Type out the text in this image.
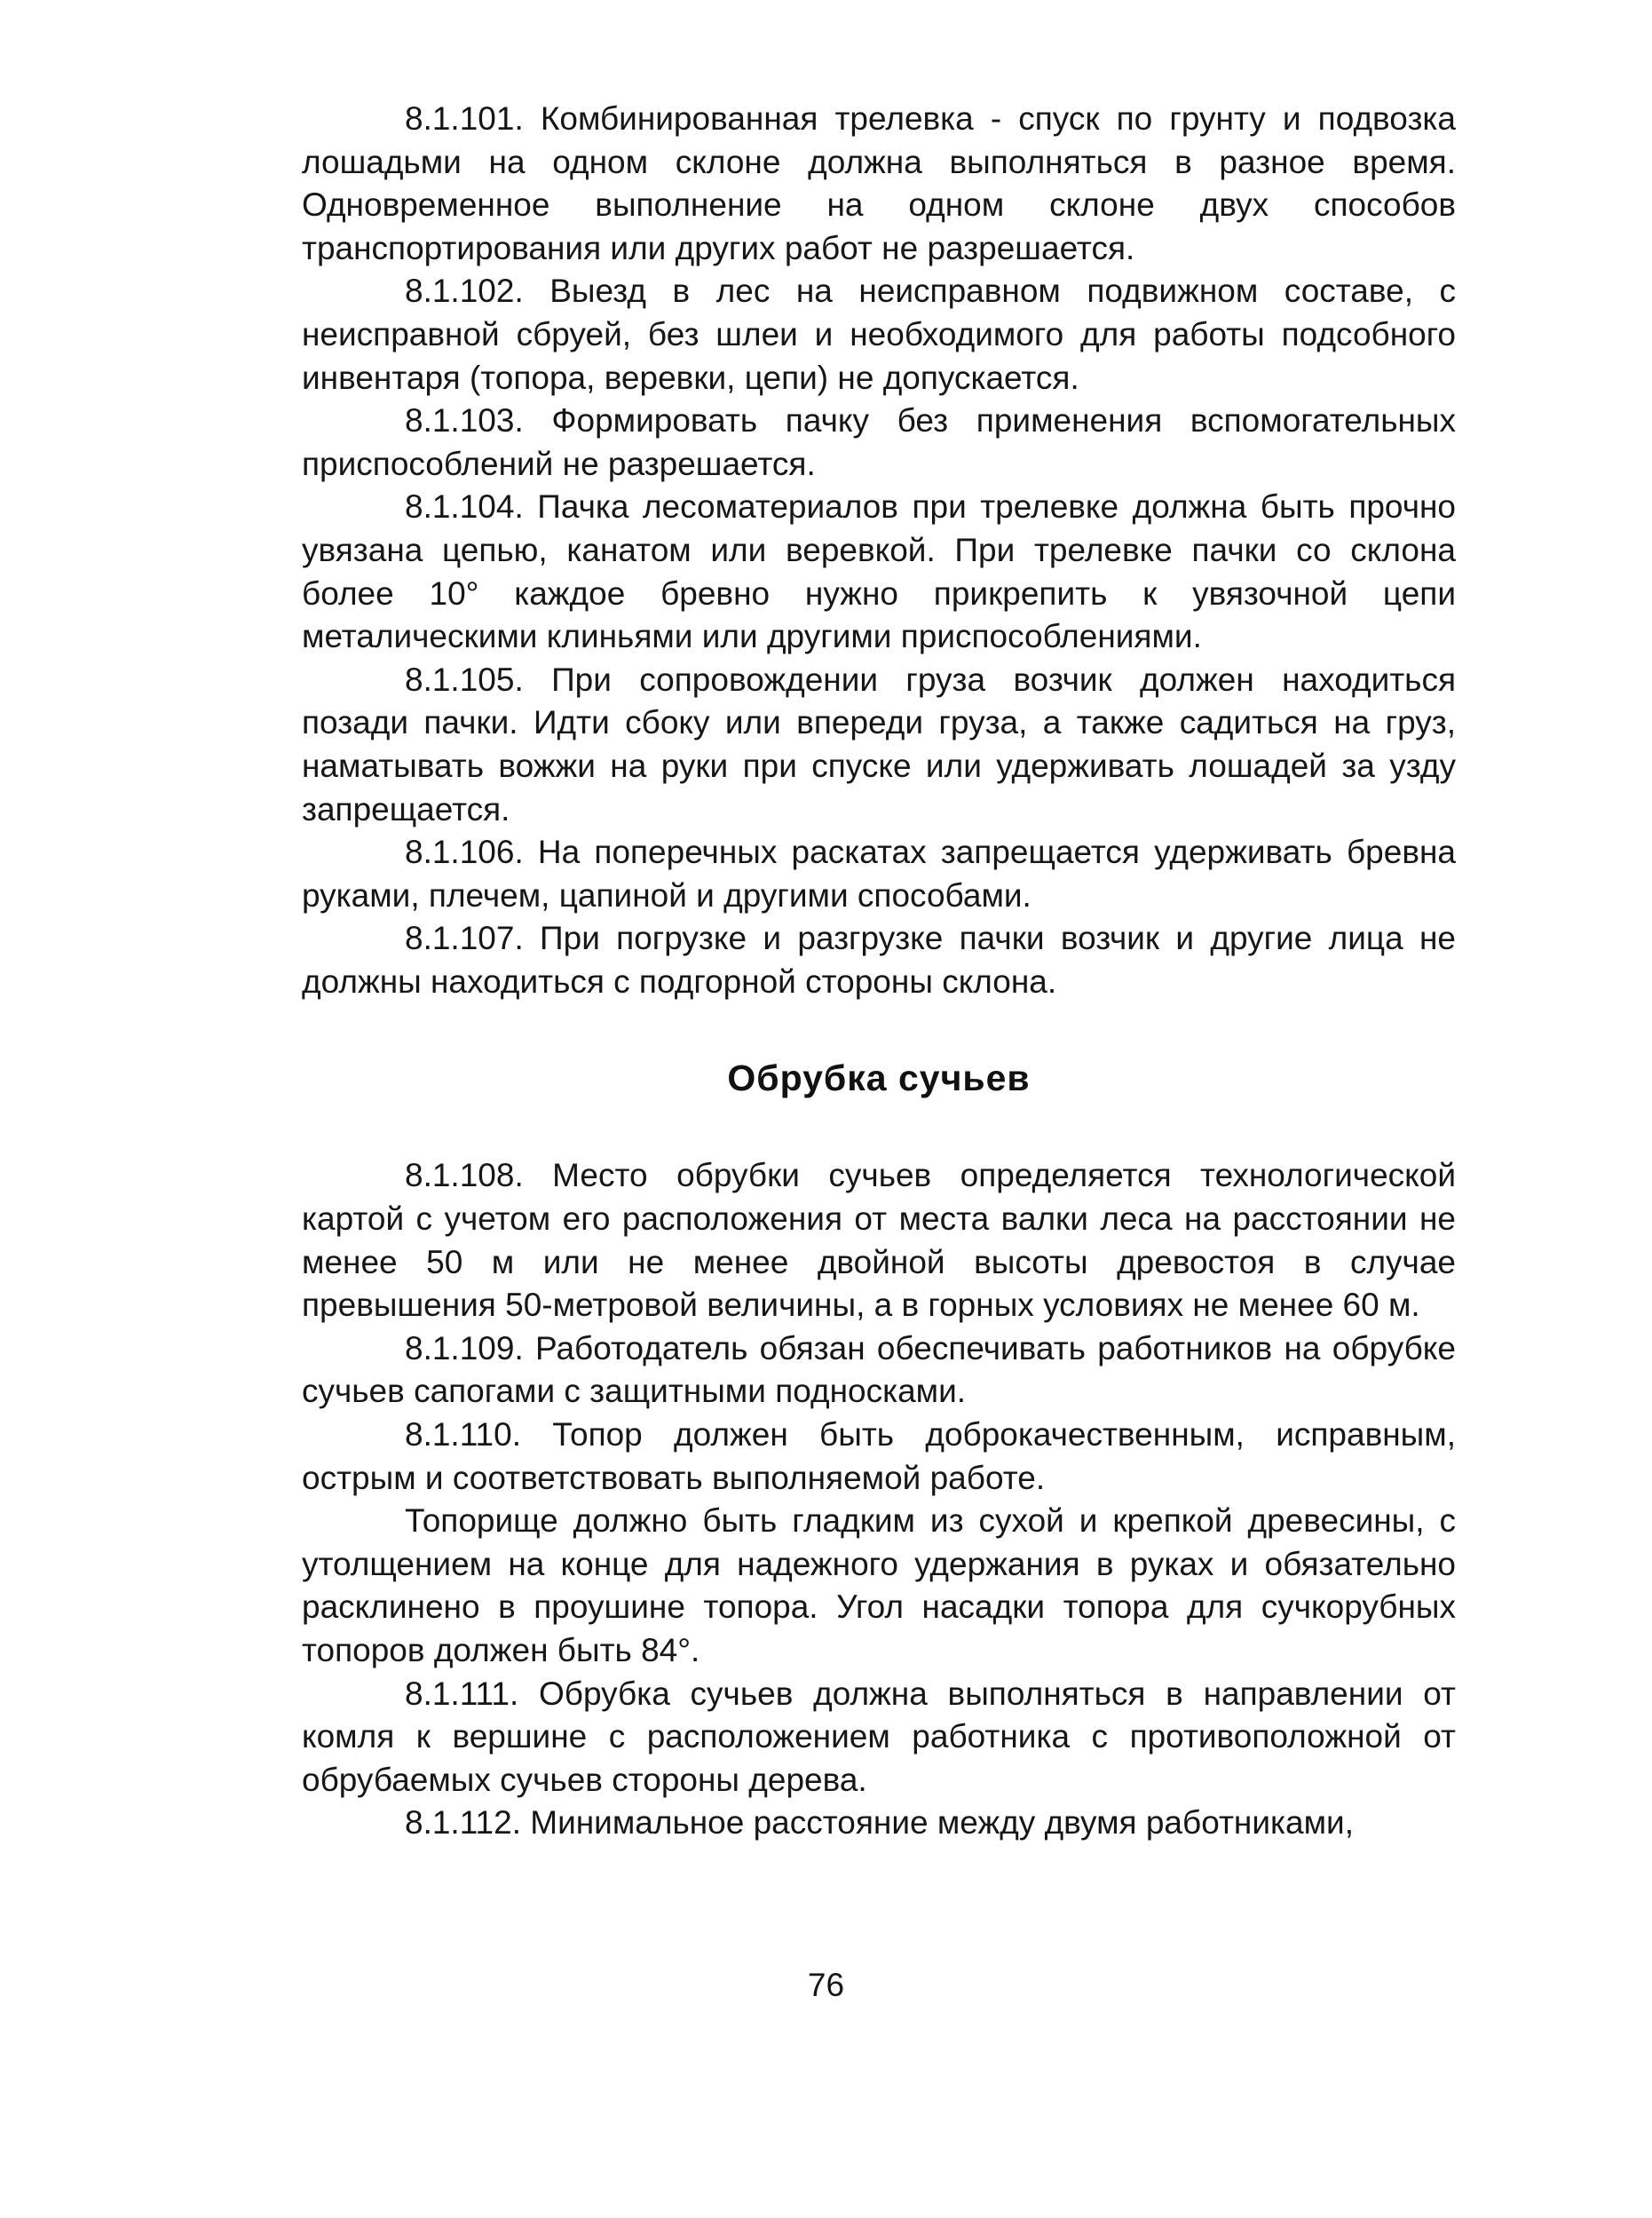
8.1.101. Комбинированная трелевка - спуск по грунту и подвозка лошадьми на одном склоне должна выполняться в разное время. Одновременное выполнение на одном склоне двух способов транспортирования или других работ не разрешается.

8.1.102. Выезд в лес на неисправном подвижном составе, с неисправной сбруей, без шлеи и необходимого для работы подсобного инвентаря (топора, веревки, цепи) не допускается.

8.1.103. Формировать пачку без применения вспомогательных приспособлений не разрешается.

8.1.104. Пачка лесоматериалов при трелевке должна быть прочно увязана цепью, канатом или веревкой. При трелевке пачки со склона более 10° каждое бревно нужно прикрепить к увязочной цепи металическими клиньями или другими приспособлениями.

8.1.105. При сопровождении груза возчик должен находиться позади пачки. Идти сбоку или впереди груза, а также садиться на груз, наматывать вожжи на руки при спуске или удерживать лошадей за узду запрещается.

8.1.106. На поперечных раскатах запрещается удерживать бревна руками, плечем, цапиной и другими способами.

8.1.107. При погрузке и разгрузке пачки возчик и другие лица не должны находиться с подгорной стороны склона.

Обрубка сучьев

8.1.108. Место обрубки сучьев определяется технологической картой с учетом его расположения от места валки леса на расстоянии не менее 50 м или не менее двойной высоты древостоя в случае превышения 50-метровой величины, а в горных условиях не менее 60 м.

8.1.109. Работодатель обязан обеспечивать работников на обрубке сучьев сапогами с защитными подносками.

8.1.110. Топор должен быть доброкачественным, исправным, острым и соответствовать выполняемой работе.

Топорище должно быть гладким из сухой и крепкой древесины, с утолщением на конце для надежного удержания в руках и обязательно расклинено в проушине топора. Угол насадки топора для сучкорубных топоров должен быть 84°.

8.1.111. Обрубка сучьев должна выполняться в направлении от комля к вершине с расположением работника с противоположной от обрубаемых сучьев стороны дерева.

8.1.112. Минимальное расстояние между двумя работниками,

76
